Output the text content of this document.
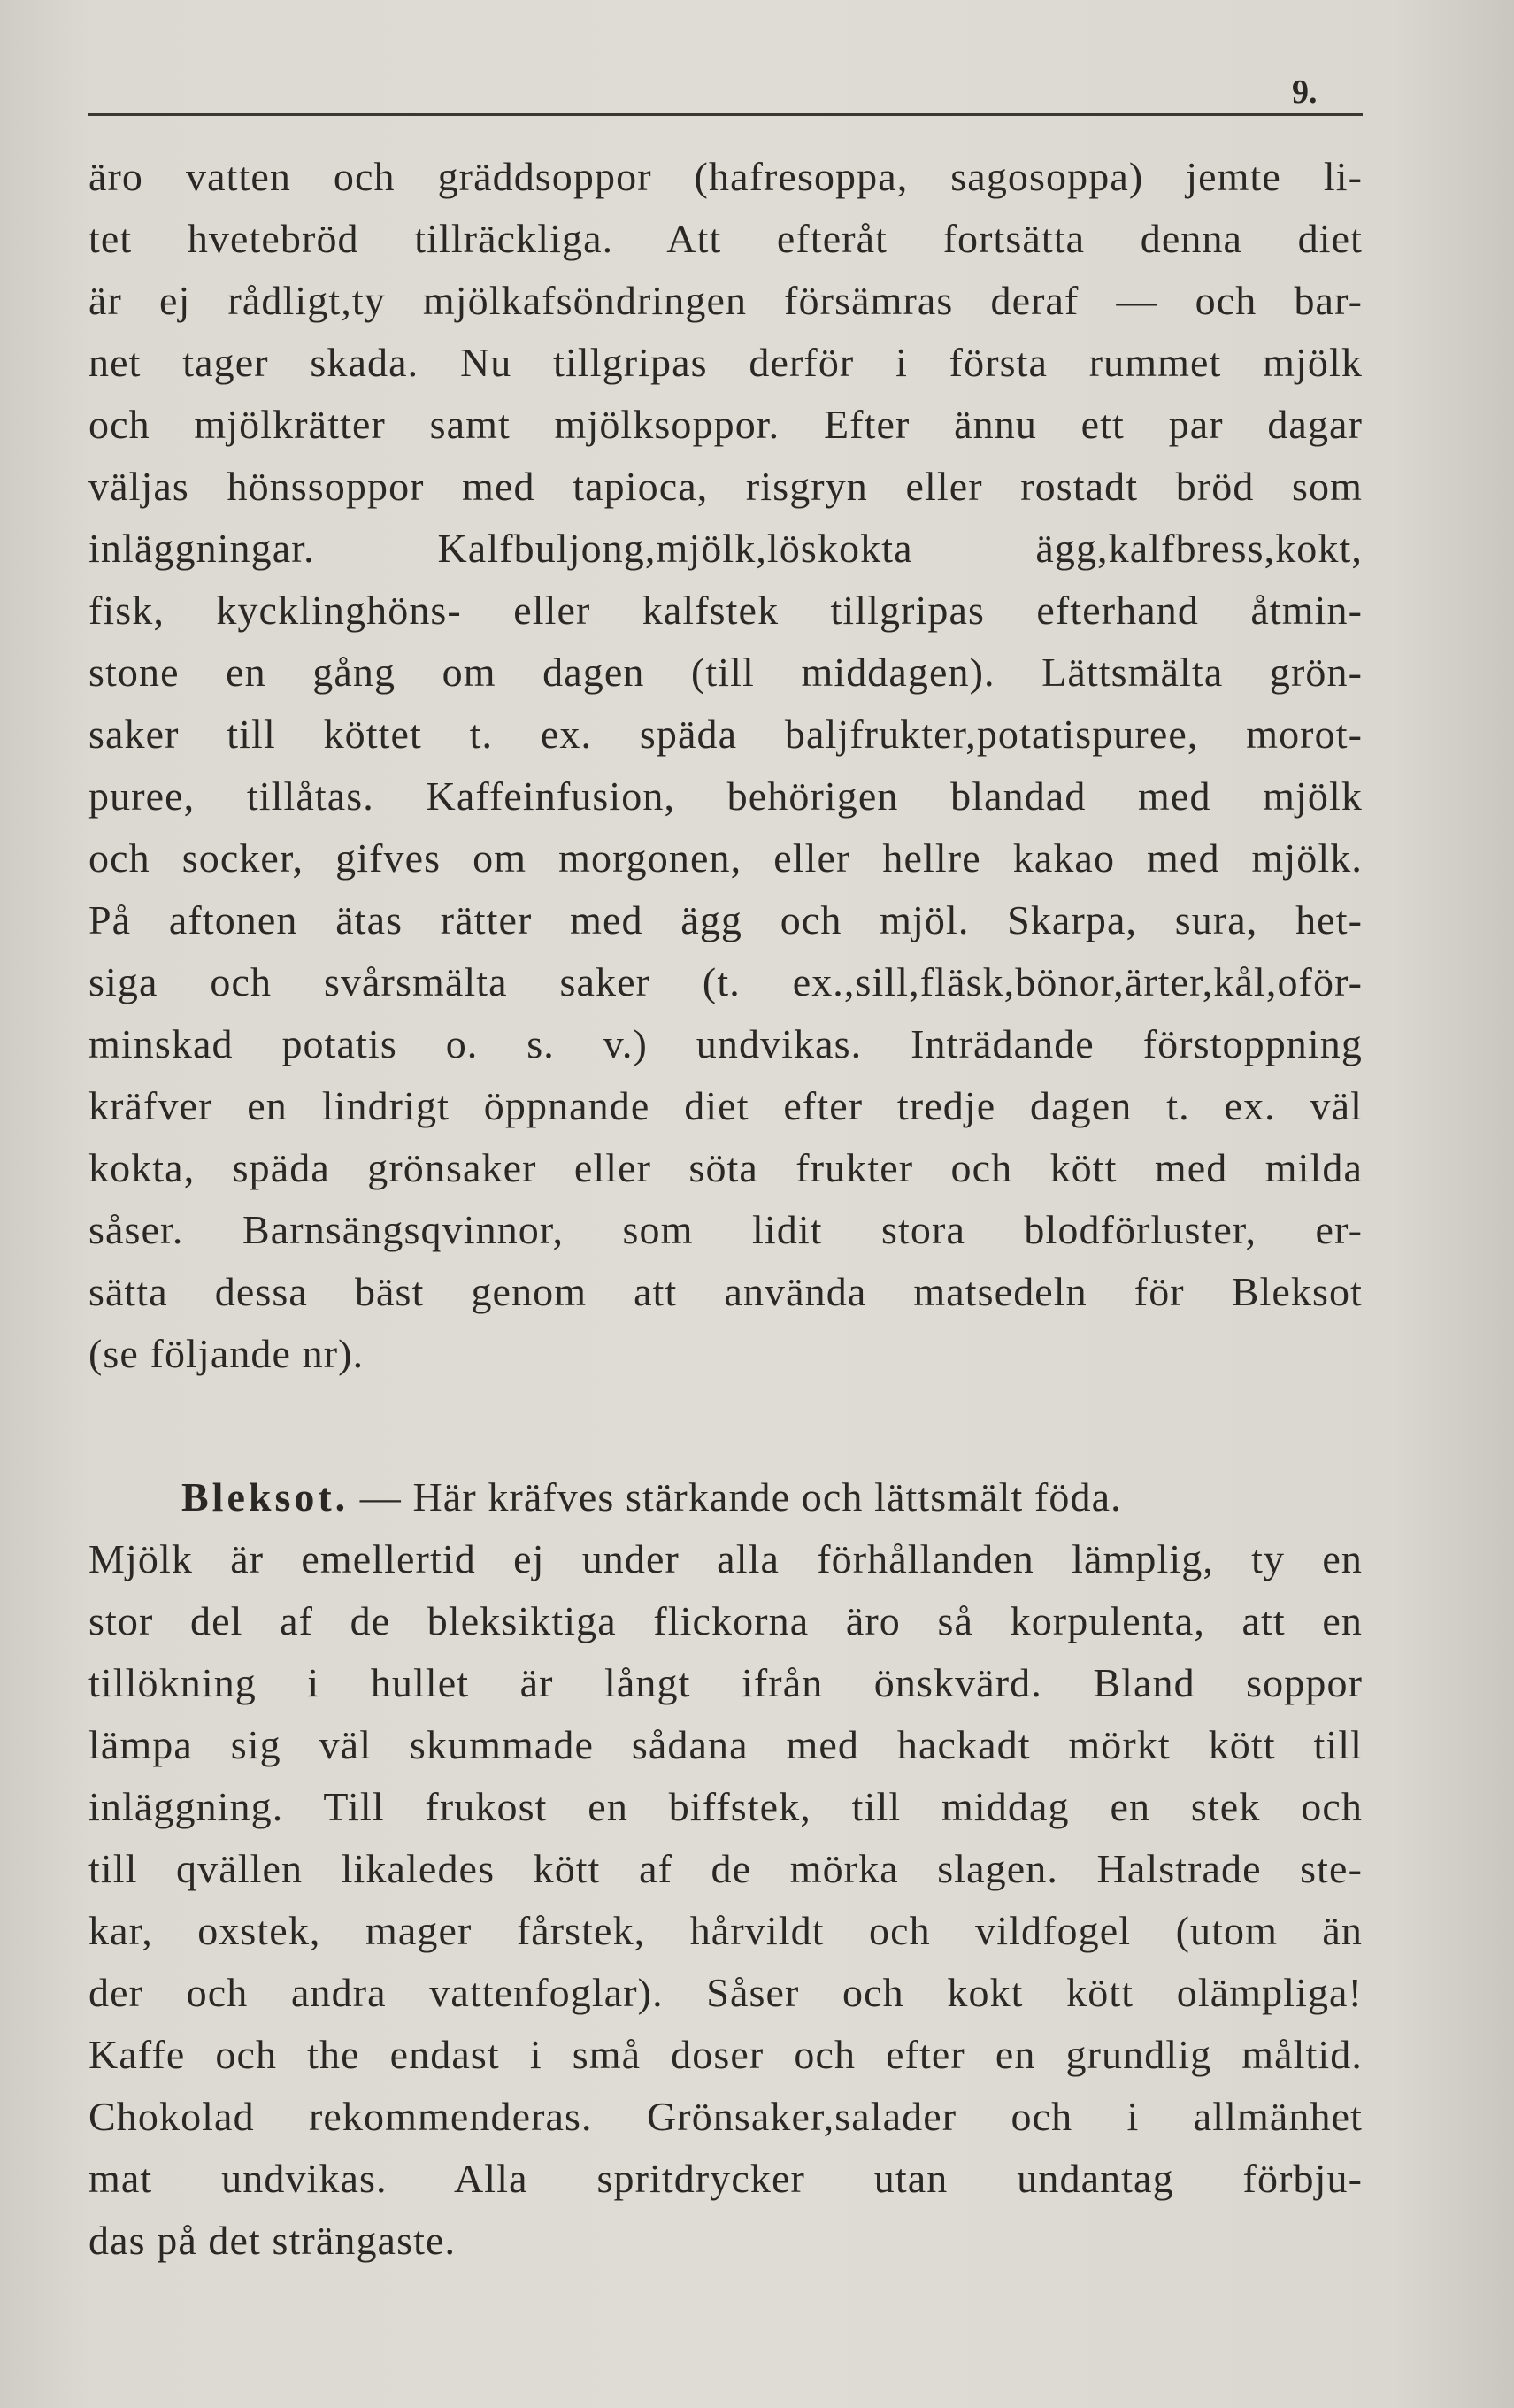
9.
äro vatten och gräddsoppor (hafresoppa, sagosoppa) jemte li-
tet hvetebröd tillräckliga. Att efteråt fortsätta denna diet
är ej rådligt,ty mjölkafsöndringen försämras deraf — och bar-
net tager skada. Nu tillgripas derför i första rummet mjölk
och mjölkrätter samt mjölksoppor. Efter ännu ett par dagar
väljas hönssoppor med tapioca, risgryn eller rostadt bröd som
inläggningar. Kalfbuljong,mjölk,löskokta ägg,kalfbress,kokt,
fisk, kycklinghöns- eller kalfstek tillgripas efterhand åtmin-
stone en gång om dagen (till middagen). Lättsmälta grön-
saker till köttet t. ex. späda baljfrukter,potatispuree, morot-
puree, tillåtas. Kaffeinfusion, behörigen blandad med mjölk
och socker, gifves om morgonen, eller hellre kakao med mjölk.
På aftonen ätas rätter med ägg och mjöl. Skarpa, sura, het-
siga och svårsmälta saker (t. ex.,sill,fläsk,bönor,ärter,kål,oför-
minskad potatis o. s. v.) undvikas. Inträdande förstoppning
kräfver en lindrigt öppnande diet efter tredje dagen t. ex. väl
kokta, späda grönsaker eller söta frukter och kött med milda
såser. Barnsängsqvinnor, som lidit stora blodförluster, er-
sätta dessa bäst genom att använda matsedeln för Bleksot
(se följande nr).
Bleksot. — Här kräfves stärkande och lättsmält föda.
Mjölk är emellertid ej under alla förhållanden lämplig, ty en
stor del af de bleksiktiga flickorna äro så korpulenta, att en
tillökning i hullet är långt ifrån önskvärd. Bland soppor
lämpa sig väl skummade sådana med hackadt mörkt kött till
inläggning. Till frukost en biffstek, till middag en stek och
till qvällen likaledes kött af de mörka slagen. Halstrade ste-
kar, oxstek, mager fårstek, hårvildt och vildfogel (utom än
der och andra vattenfoglar). Såser och kokt kött olämpliga!
Kaffe och the endast i små doser och efter en grundlig måltid.
Chokolad rekommenderas. Grönsaker,salader och i allmänhet
mat undvikas. Alla spritdrycker utan undantag förbju-
das på det strängaste.
